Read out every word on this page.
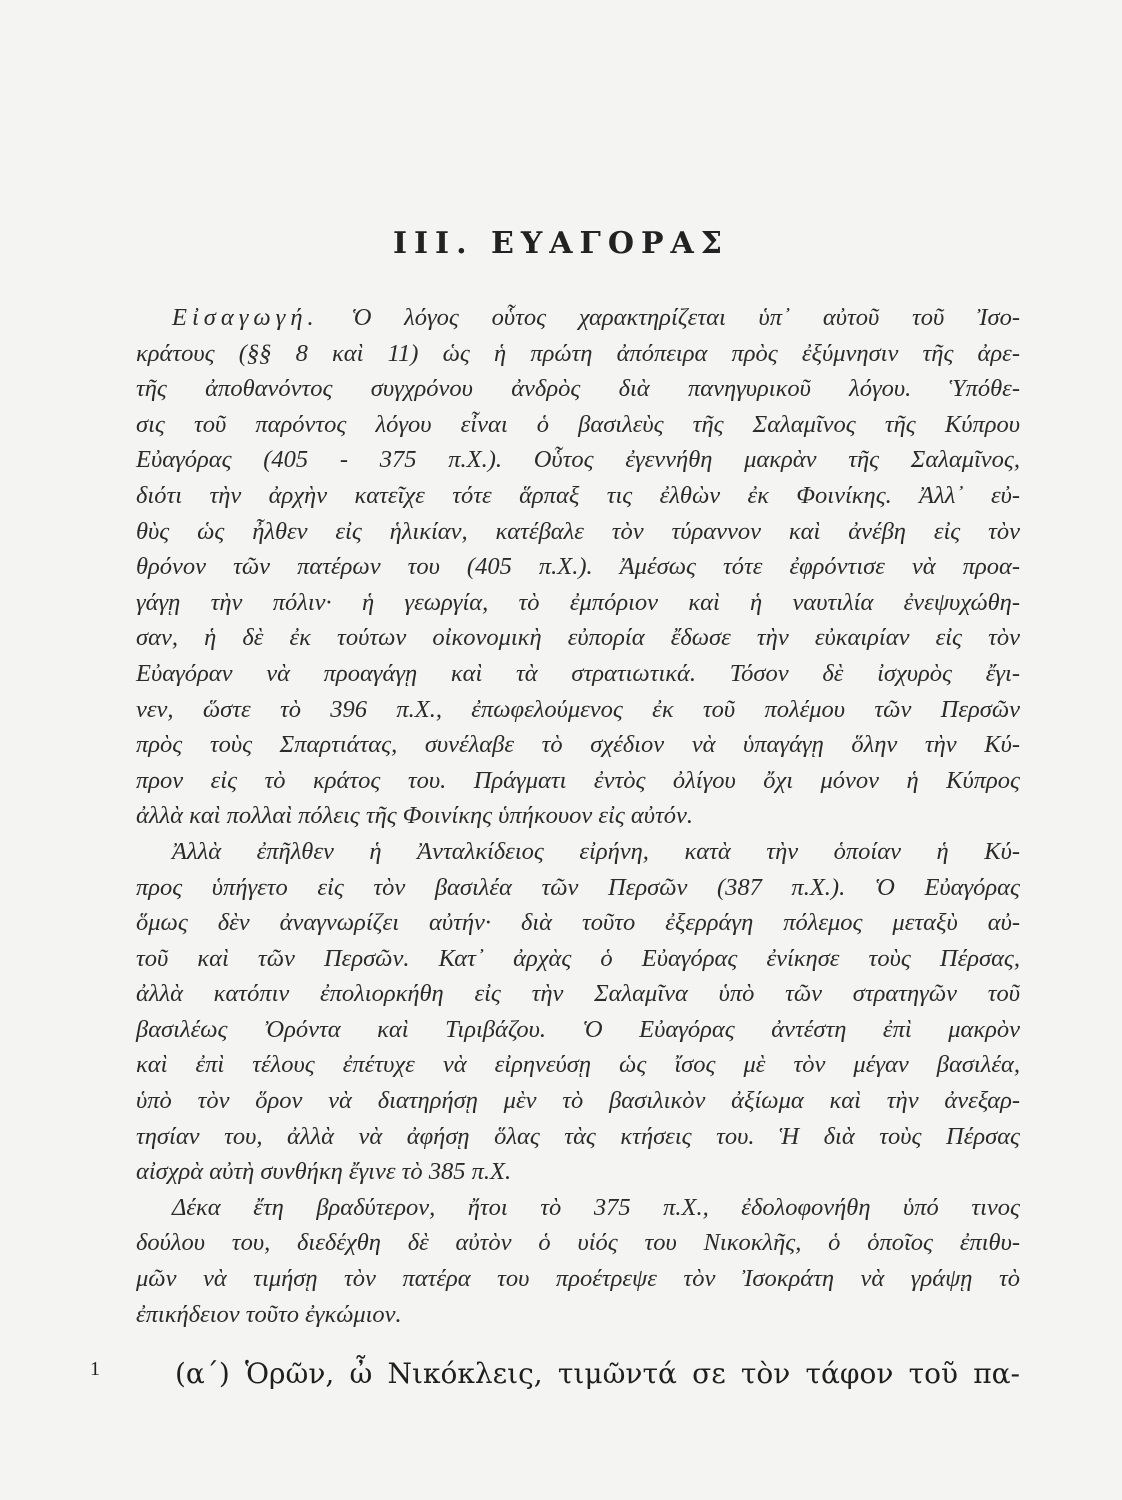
ΙΙΙ. ΕΥΑΓΟΡΑΣ
Εἰσαγωγή. Ὁ λόγος οὗτος χαρακτηρίζεται ὑπ᾽ αὐτοῦ τοῦ Ἰσο-
κράτους (§§ 8 καὶ 11) ὡς ἡ πρώτη ἀπόπειρα πρὸς ἐξύμνησιν τῆς ἀρε-
τῆς ἀποθανόντος συγχρόνου ἀνδρὸς διὰ πανηγυρικοῦ λόγου. Ὑπόθε-
σις τοῦ παρόντος λόγου εἶναι ὁ βασιλεὺς τῆς Σαλαμῖνος τῆς Κύπρου
Εὐαγόρας (405 - 375 π.Χ.). Οὗτος ἐγεννήθη μακρὰν τῆς Σαλαμῖνος,
διότι τὴν ἀρχὴν κατεῖχε τότε ἅρπαξ τις ἐλθὼν ἐκ Φοινίκης. Ἀλλ᾽ εὐ-
θὺς ὡς ἦλθεν εἰς ἡλικίαν, κατέβαλε τὸν τύραννον καὶ ἀνέβη εἰς τὸν
θρόνον τῶν πατέρων του (405 π.Χ.). Ἀμέσως τότε ἐφρόντισε νὰ προα-
γάγῃ τὴν πόλιν· ἡ γεωργία, τὸ ἐμπόριον καὶ ἡ ναυτιλία ἐνεψυχώθη-
σαν, ἡ δὲ ἐκ τούτων οἰκονομικὴ εὐπορία ἔδωσε τὴν εὐκαιρίαν εἰς τὸν
Εὐαγόραν νὰ προαγάγῃ καὶ τὰ στρατιωτικά. Τόσον δὲ ἰσχυρὸς ἔγι-
νεν, ὥστε τὸ 396 π.Χ., ἐπωφελούμενος ἐκ τοῦ πολέμου τῶν Περσῶν
πρὸς τοὺς Σπαρτιάτας, συνέλαβε τὸ σχέδιον νὰ ὑπαγάγῃ ὅλην τὴν Κύ-
προν εἰς τὸ κράτος του. Πράγματι ἐντὸς ὀλίγου ὄχι μόνον ἡ Κύπρος
ἀλλὰ καὶ πολλαὶ πόλεις τῆς Φοινίκης ὑπήκουον εἰς αὐτόν.
Ἀλλὰ ἐπῆλθεν ἡ Ἀνταλκίδειος εἰρήνη, κατὰ τὴν ὁποίαν ἡ Κύ-
προς ὑπήγετο εἰς τὸν βασιλέα τῶν Περσῶν (387 π.Χ.). Ὁ Εὐαγόρας
ὅμως δὲν ἀναγνωρίζει αὐτήν· διὰ τοῦτο ἐξερράγη πόλεμος μεταξὺ αὐ-
τοῦ καὶ τῶν Περσῶν. Κατ᾽ ἀρχὰς ὁ Εὐαγόρας ἐνίκησε τοὺς Πέρσας,
ἀλλὰ κατόπιν ἐπολιορκήθη εἰς τὴν Σαλαμῖνα ὑπὸ τῶν στρατηγῶν τοῦ
βασιλέως Ὀρόντα καὶ Τιριβάζου. Ὁ Εὐαγόρας ἀντέστη ἐπὶ μακρὸν
καὶ ἐπὶ τέλους ἐπέτυχε νὰ εἰρηνεύσῃ ὡς ἴσος μὲ τὸν μέγαν βασιλέα,
ὑπὸ τὸν ὅρον νὰ διατηρήσῃ μὲν τὸ βασιλικὸν ἀξίωμα καὶ τὴν ἀνεξαρ-
τησίαν του, ἀλλὰ νὰ ἀφήσῃ ὅλας τὰς κτήσεις του. Ἡ διὰ τοὺς Πέρσας
αἰσχρὰ αὐτὴ συνθήκη ἔγινε τὸ 385 π.Χ.
Δέκα ἔτη βραδύτερον, ἤτοι τὸ 375 π.Χ., ἐδολοφονήθη ὑπό τινος
δούλου του, διεδέχθη δὲ αὐτὸν ὁ υἱός του Νικοκλῆς, ὁ ὁποῖος ἐπιθυ-
μῶν νὰ τιμήσῃ τὸν πατέρα του προέτρεψε τὸν Ἰσοκράτη νὰ γράψῃ τὸ
ἐπικήδειον τοῦτο ἐγκώμιον.
1	(α΄) Ὁρῶν, ὦ Νικόκλεις, τιμῶντά σε τὸν τάφον τοῦ πα-
